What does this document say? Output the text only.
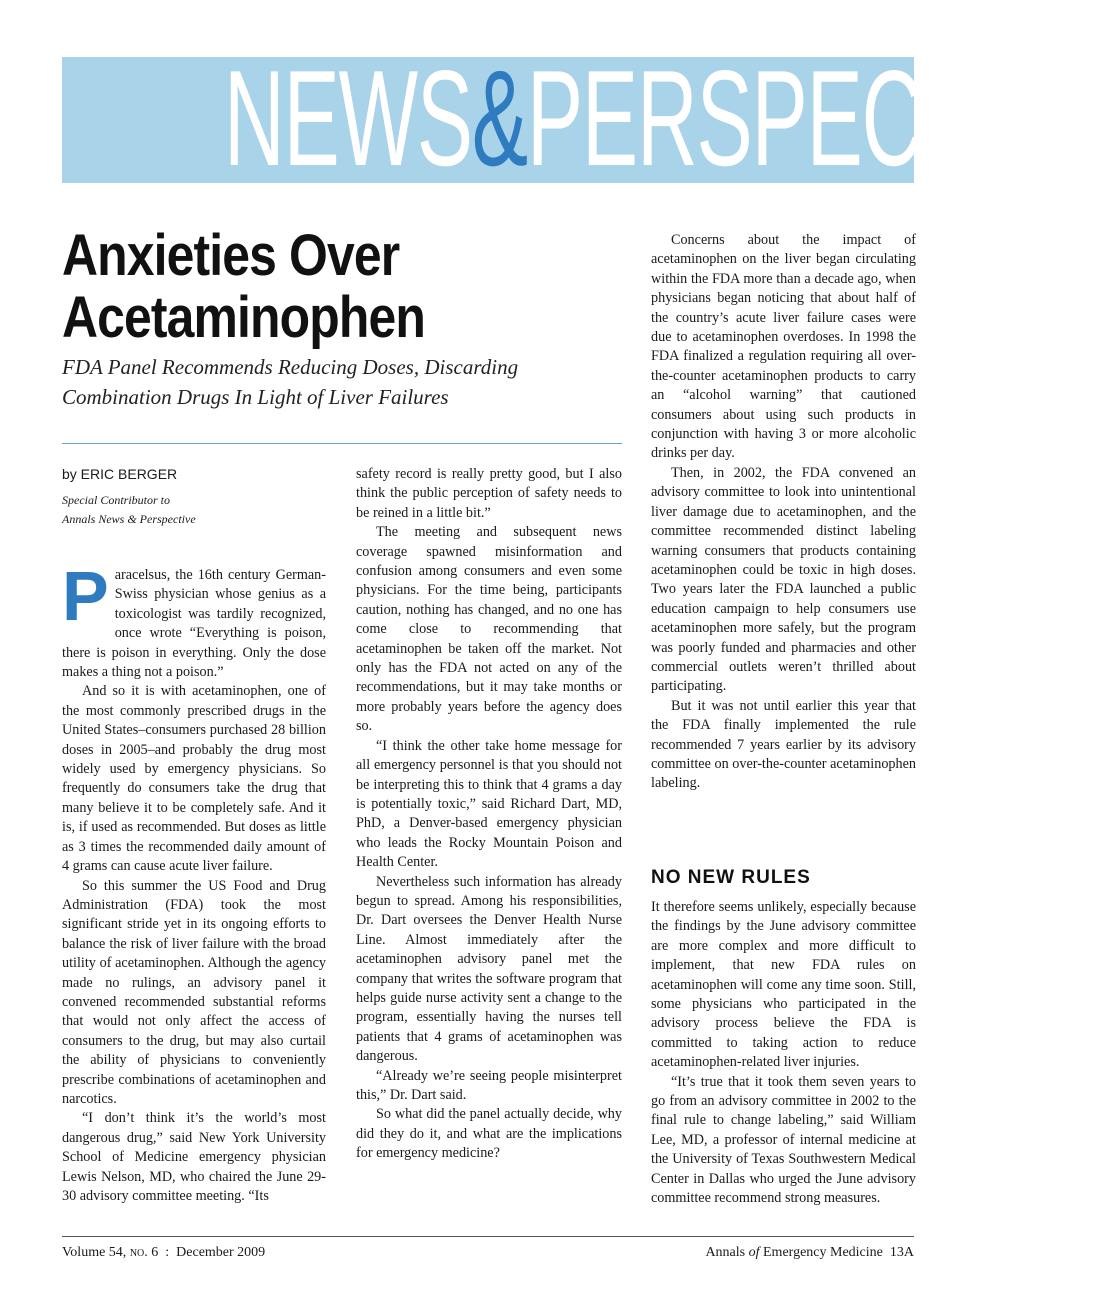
NEWS&PERSPECTIVE
Anxieties Over
Acetaminophen
FDA Panel Recommends Reducing Doses, Discarding Combination Drugs In Light of Liver Failures
by ERIC BERGER
Special Contributor to
Annals News & Perspective

Paracelsus, the 16th century German-Swiss physician whose genius as a toxicologist was tardily recognized, once wrote “Everything is poison, there is poison in everything. Only the dose makes a thing not a poison.”

And so it is with acetaminophen, one of the most commonly prescribed drugs in the United States–consumers purchased 28 billion doses in 2005–and probably the drug most widely used by emergency physicians. So frequently do consumers take the drug that many believe it to be completely safe. And it is, if used as recommended. But doses as little as 3 times the recommended daily amount of 4 grams can cause acute liver failure.

So this summer the US Food and Drug Administration (FDA) took the most significant stride yet in its ongoing efforts to balance the risk of liver failure with the broad utility of acetaminophen. Although the agency made no rulings, an advisory panel it convened recommended substantial reforms that would not only affect the access of consumers to the drug, but may also curtail the ability of physicians to conveniently prescribe combinations of acetaminophen and narcotics.

“I don’t think it’s the world’s most dangerous drug,” said New York University School of Medicine emergency physician Lewis Nelson, MD, who chaired the June 29-30 advisory committee meeting. “Its

safety record is really pretty good, but I also think the public perception of safety needs to be reined in a little bit.”

The meeting and subsequent news coverage spawned misinformation and confusion among consumers and even some physicians. For the time being, participants caution, nothing has changed, and no one has come close to recommending that acetaminophen be taken off the market. Not only has the FDA not acted on any of the recommendations, but it may take months or more probably years before the agency does so.

“I think the other take home message for all emergency personnel is that you should not be interpreting this to think that 4 grams a day is potentially toxic,” said Richard Dart, MD, PhD, a Denver-based emergency physician who leads the Rocky Mountain Poison and Health Center.

Nevertheless such information has already begun to spread. Among his responsibilities, Dr. Dart oversees the Denver Health Nurse Line. Almost immediately after the acetaminophen advisory panel met the company that writes the software program that helps guide nurse activity sent a change to the program, essentially having the nurses tell patients that 4 grams of acetaminophen was dangerous.

“Already we’re seeing people misinterpret this,” Dr. Dart said.

So what did the panel actually decide, why did they do it, and what are the implications for emergency medicine?

Concerns about the impact of acetaminophen on the liver began circulating within the FDA more than a decade ago, when physicians began noticing that about half of the country’s acute liver failure cases were due to acetaminophen overdoses. In 1998 the FDA finalized a regulation requiring all over-the-counter acetaminophen products to carry an “alcohol warning” that cautioned consumers about using such products in conjunction with having 3 or more alcoholic drinks per day.

Then, in 2002, the FDA convened an advisory committee to look into unintentional liver damage due to acetaminophen, and the committee recommended distinct labeling warning consumers that products containing acetaminophen could be toxic in high doses. Two years later the FDA launched a public education campaign to help consumers use acetaminophen more safely, but the program was poorly funded and pharmacies and other commercial outlets weren’t thrilled about participating.

But it was not until earlier this year that the FDA finally implemented the rule recommended 7 years earlier by its advisory committee on over-the-counter acetaminophen labeling.

NO NEW RULES

It therefore seems unlikely, especially because the findings by the June advisory committee are more complex and more difficult to implement, that new FDA rules on acetaminophen will come any time soon. Still, some physicians who participated in the advisory process believe the FDA is committed to taking action to reduce acetaminophen-related liver injuries.

“It’s true that it took them seven years to go from an advisory committee in 2002 to the final rule to change labeling,” said William Lee, MD, a professor of internal medicine at the University of Texas Southwestern Medical Center in Dallas who urged the June advisory committee recommend strong measures.

Volume 54, no. 6 : December 2009	Annals of Emergency Medicine 13A
